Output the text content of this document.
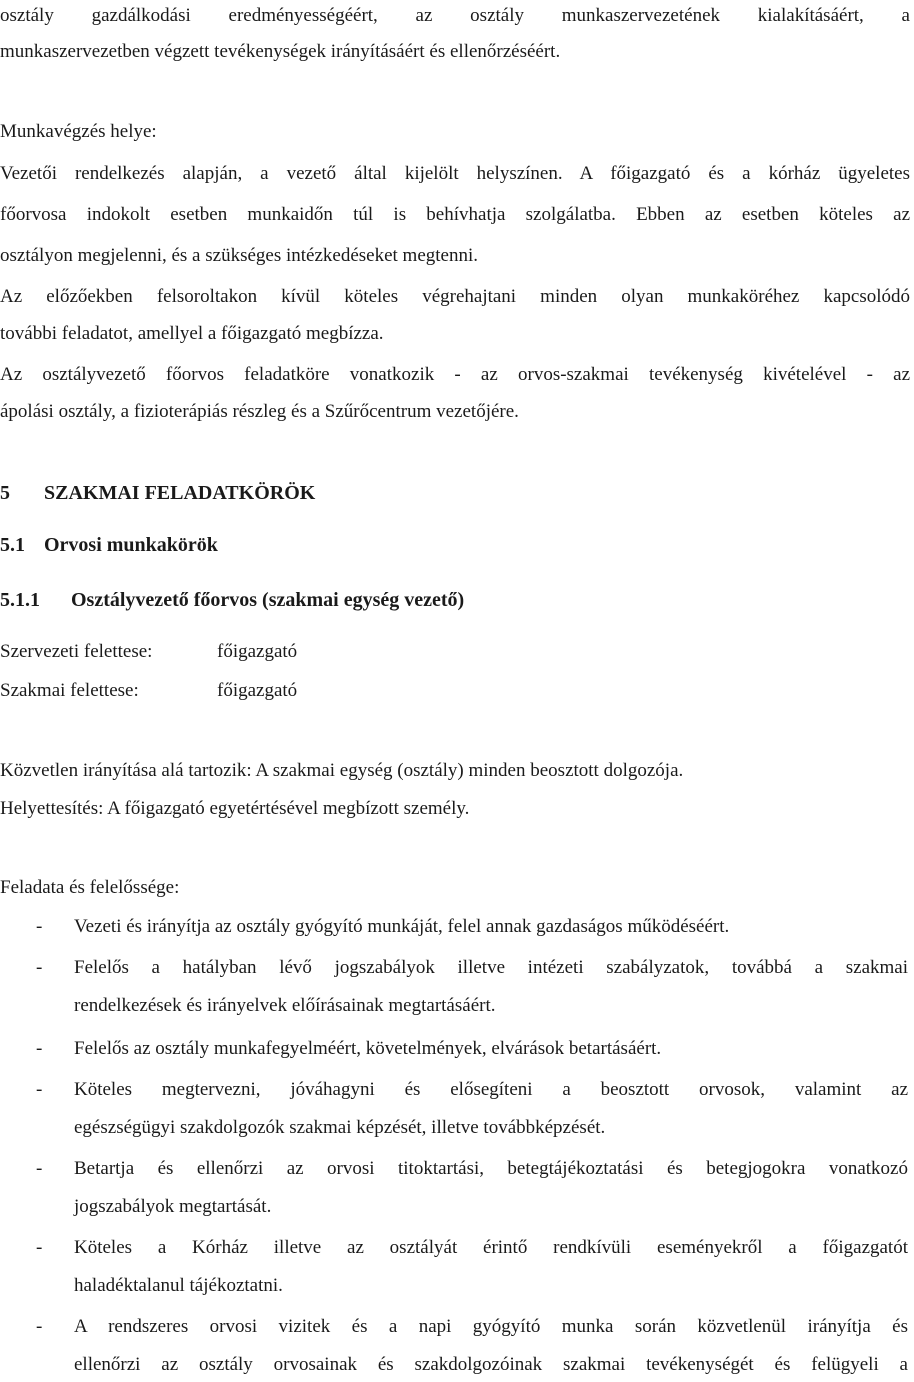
osztály gazdálkodási eredményességéért, az osztály munkaszervezetének kialakításáért, a
munkaszervezetben végzett tevékenységek irányításáért és ellenőrzéséért.
Munkavégzés helye:
Vezetői rendelkezés alapján, a vezető által kijelölt helyszínen. A főigazgató és a kórház ügyeletes
főorvosa indokolt esetben munkaidőn túl is behívhatja szolgálatba. Ebben az esetben köteles az
osztályon megjelenni, és a szükséges intézkedéseket megtenni.
Az előzőekben felsoroltakon kívül köteles végrehajtani minden olyan munkaköréhez kapcsolódó
további feladatot, amellyel a főigazgató megbízza.
Az osztályvezető főorvos feladatköre vonatkozik - az orvos-szakmai tevékenység kivételével - az
ápolási osztály, a fizioterápiás részleg és a Szűrőcentrum vezetőjére.
5 SZAKMAI FELADATKÖRÖK
5.1 Orvosi munkakörök
5.1.1 Osztályvezető főorvos (szakmai egység vezető)
Szervezeti felettese:	főigazgató
Szakmai felettese:	főigazgató
Közvetlen irányítása alá tartozik: A szakmai egység (osztály) minden beosztott dolgozója.
Helyettesítés: A főigazgató egyetértésével megbízott személy.
Feladata és felelőssége:
- Vezeti és irányítja az osztály gyógyító munkáját, felel annak gazdaságos működéséért.
- Felelős a hatályban lévő jogszabályok illetve intézeti szabályzatok, továbbá a szakmai
rendelkezések és irányelvek előírásainak megtartásáért.
- Felelős az osztály munkafegyelméért, követelmények, elvárások betartásáért.
- Köteles megtervezni, jóváhagyni és elősegíteni a beosztott orvosok, valamint az
egészségügyi szakdolgozók szakmai képzését, illetve továbbképzését.
- Betartja és ellenőrzi az orvosi titoktartási, betegtájékoztatási és betegjogokra vonatkozó
jogszabályok megtartását.
- Köteles a Kórház illetve az osztályát érintő rendkívüli eseményekről a főigazgatót
haladéktalanul tájékoztatni.
- A rendszeres orvosi vizitek és a napi gyógyító munka során közvetlenül irányítja és
ellenőrzi az osztály orvosainak és szakdolgozóinak szakmai tevékenységét és felügyeli a
